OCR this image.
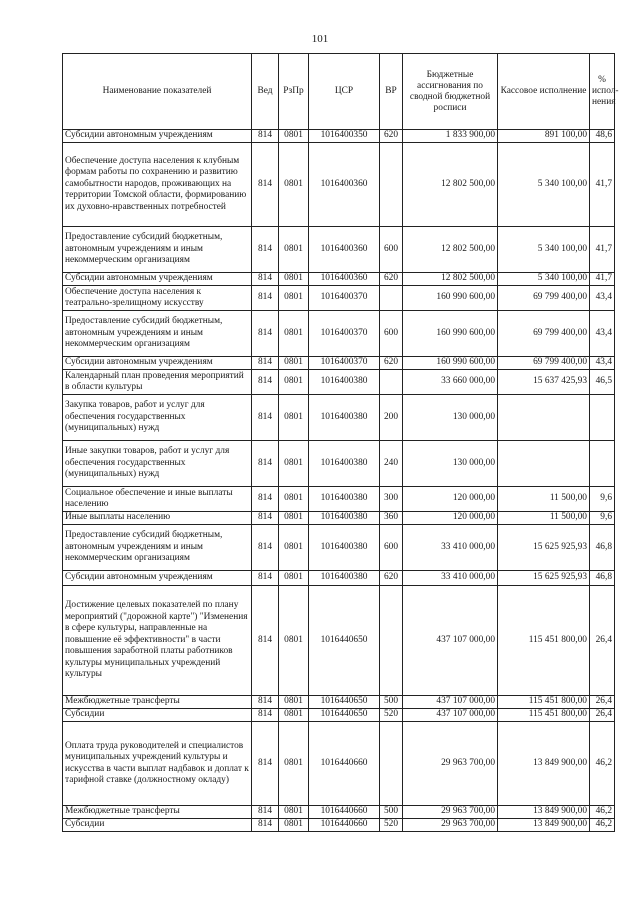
101
Наименование показателей	Вед	РзПр	ЦСР	ВР	Бюджетные ассигнования по сводной бюджетной росписи	Кассовое исполнение	%
испол-
нения
Субсидии автономным учреждениям	814	0801	1016400350	620	1 833 900,00	891 100,00	48,6
Обеспечение доступа населения к клубным формам работы по сохранению и развитию самобытности народов, проживающих на территории Томской области, формированию их духовно-нравственных потребностей	814	0801	1016400360		12 802 500,00	5 340 100,00	41,7
Предоставление субсидий бюджетным, автономным учреждениям и иным некоммерческим организациям	814	0801	1016400360	600	12 802 500,00	5 340 100,00	41,7
Субсидии автономным учреждениям	814	0801	1016400360	620	12 802 500,00	5 340 100,00	41,7
Обеспечение доступа населения к театрально-зрелищному искусству	814	0801	1016400370		160 990 600,00	69 799 400,00	43,4
Предоставление субсидий бюджетным, автономным учреждениям и иным некоммерческим организациям	814	0801	1016400370	600	160 990 600,00	69 799 400,00	43,4
Субсидии автономным учреждениям	814	0801	1016400370	620	160 990 600,00	69 799 400,00	43,4
Календарный план проведения мероприятий в области культуры	814	0801	1016400380		33 660 000,00	15 637 425,93	46,5
Закупка товаров, работ и услуг для обеспечения государственных (муниципальных) нужд	814	0801	1016400380	200	130 000,00		
Иные закупки товаров, работ и услуг для обеспечения государственных (муниципальных) нужд	814	0801	1016400380	240	130 000,00		
Социальное обеспечение и иные выплаты населению	814	0801	1016400380	300	120 000,00	11 500,00	9,6
Иные выплаты населению	814	0801	1016400380	360	120 000,00	11 500,00	9,6
Предоставление субсидий бюджетным, автономным учреждениям и иным некоммерческим организациям	814	0801	1016400380	600	33 410 000,00	15 625 925,93	46,8
Субсидии автономным учреждениям	814	0801	1016400380	620	33 410 000,00	15 625 925,93	46,8
Достижение целевых показателей по плану мероприятий ("дорожной карте") "Изменения в сфере культуры, направленные на повышение её эффективности" в части повышения заработной платы работников культуры муниципальных учреждений культуры	814	0801	1016440650		437 107 000,00	115 451 800,00	26,4
Межбюджетные трансферты	814	0801	1016440650	500	437 107 000,00	115 451 800,00	26,4
Субсидии	814	0801	1016440650	520	437 107 000,00	115 451 800,00	26,4
Оплата труда руководителей и специалистов муниципальных учреждений культуры и искусства в части выплат надбавок и доплат к тарифной ставке (должностному окладу)	814	0801	1016440660		29 963 700,00	13 849 900,00	46,2
Межбюджетные трансферты	814	0801	1016440660	500	29 963 700,00	13 849 900,00	46,2
Субсидии	814	0801	1016440660	520	29 963 700,00	13 849 900,00	46,2
